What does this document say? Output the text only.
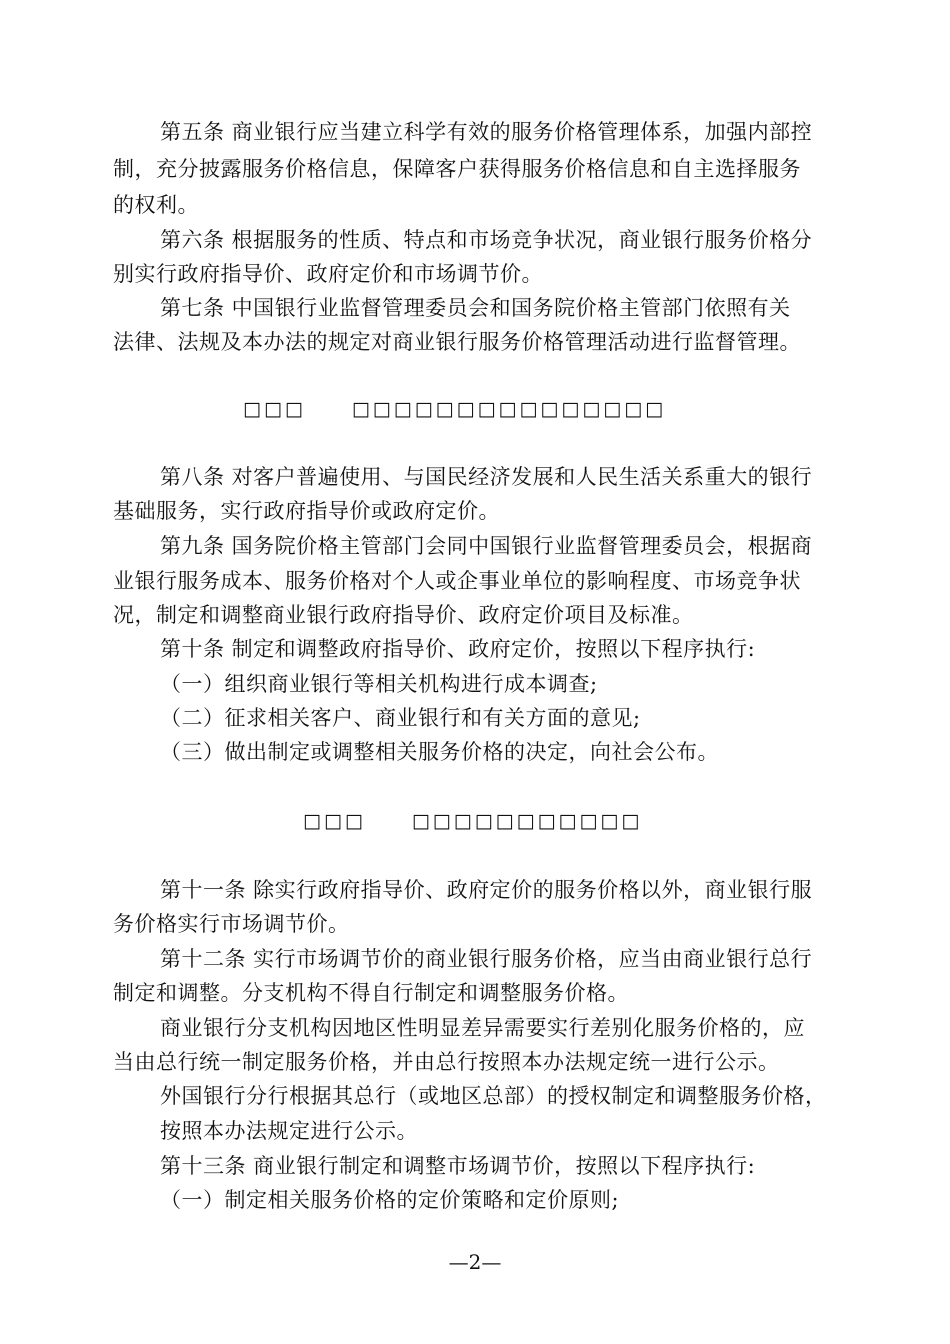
第五条 商业银行应当建立科学有效的服务价格管理体系，加强内部控
制，充分披露服务价格信息，保障客户获得服务价格信息和自主选择服务
的权利。
第六条 根据服务的性质、特点和市场竞争状况，商业银行服务价格分
别实行政府指导价、政府定价和市场调节价。
第七条 中国银行业监督管理委员会和国务院价格主管部门依照有关
法律、法规及本办法的规定对商业银行服务价格管理活动进行监督管理。
□□□ □□□□□□□□□□□□□□□
第八条 对客户普遍使用、与国民经济发展和人民生活关系重大的银行
基础服务，实行政府指导价或政府定价。
第九条 国务院价格主管部门会同中国银行业监督管理委员会，根据商
业银行服务成本、服务价格对个人或企事业单位的影响程度、市场竞争状
况，制定和调整商业银行政府指导价、政府定价项目及标准。
第十条 制定和调整政府指导价、政府定价，按照以下程序执行:
（一）组织商业银行等相关机构进行成本调查;
（二）征求相关客户、商业银行和有关方面的意见;
（三）做出制定或调整相关服务价格的决定，向社会公布。
□□□ □□□□□□□□□□□
第十一条 除实行政府指导价、政府定价的服务价格以外，商业银行服
务价格实行市场调节价。
第十二条 实行市场调节价的商业银行服务价格，应当由商业银行总行
制定和调整。分支机构不得自行制定和调整服务价格。
商业银行分支机构因地区性明显差异需要实行差别化服务价格的，应
当由总行统一制定服务价格，并由总行按照本办法规定统一进行公示。
外国银行分行根据其总行（或地区总部）的授权制定和调整服务价格，
按照本办法规定进行公示。
第十三条 商业银行制定和调整市场调节价，按照以下程序执行:
（一）制定相关服务价格的定价策略和定价原则;
—2—
